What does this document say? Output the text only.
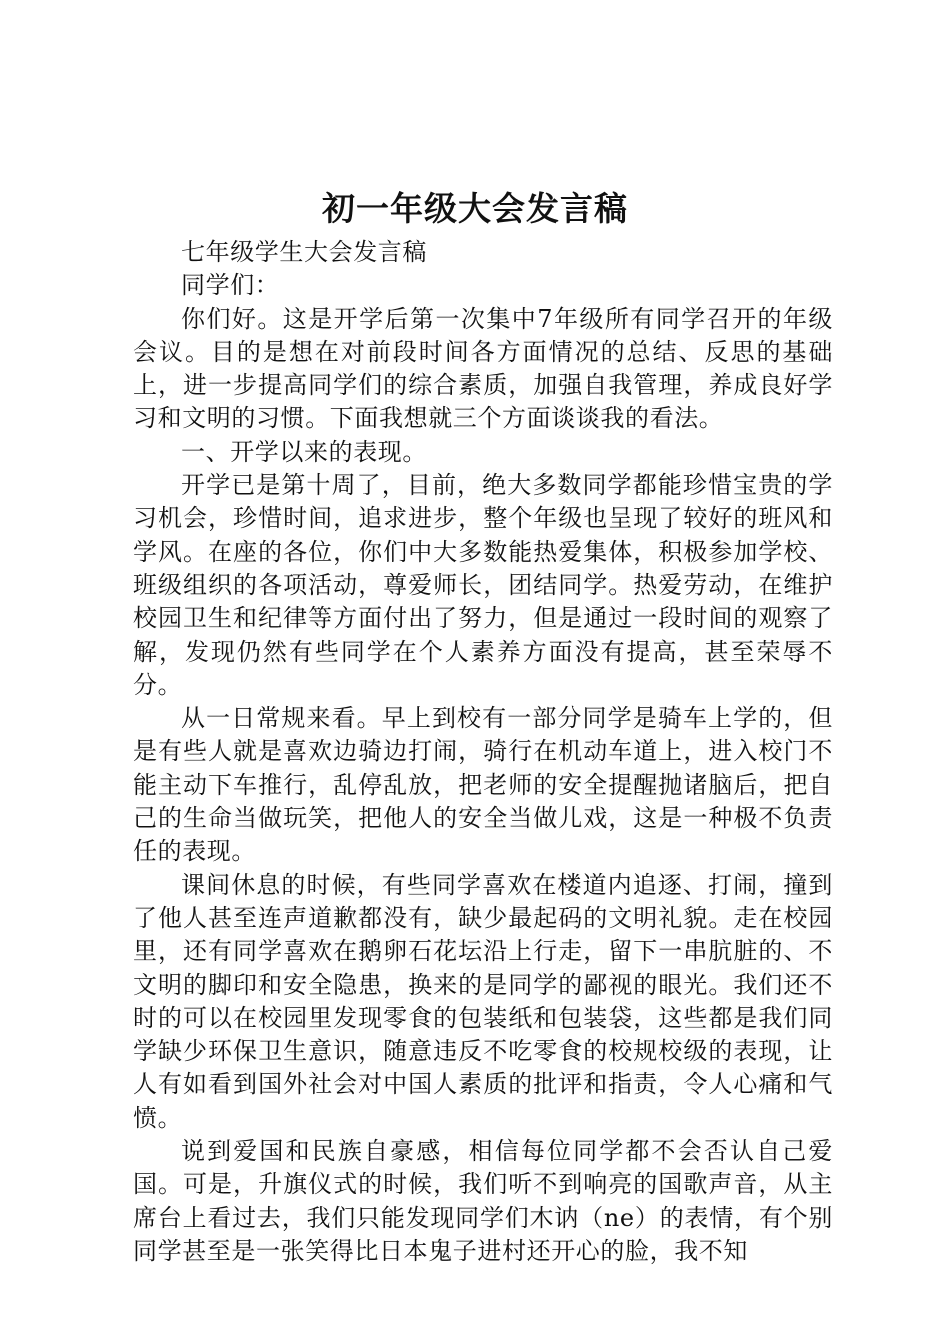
初一年级大会发言稿

七年级学生大会发言稿

同学们：

你们好。这是开学后第一次集中7年级所有同学召开的年级会议。目的是想在对前段时间各方面情况的总结、反思的基础上，进一步提高同学们的综合素质，加强自我管理，养成良好学习和文明的习惯。下面我想就三个方面谈谈我的看法。

一、开学以来的表现。

开学已是第十周了，目前，绝大多数同学都能珍惜宝贵的学习机会，珍惜时间，追求进步，整个年级也呈现了较好的班风和学风。在座的各位，你们中大多数能热爱集体，积极参加学校、班级组织的各项活动，尊爱师长，团结同学。热爱劳动，在维护校园卫生和纪律等方面付出了努力，但是通过一段时间的观察了解，发现仍然有些同学在个人素养方面没有提高，甚至荣辱不分。

从一日常规来看。早上到校有一部分同学是骑车上学的，但是有些人就是喜欢边骑边打闹，骑行在机动车道上，进入校门不能主动下车推行，乱停乱放，把老师的安全提醒抛诸脑后，把自己的生命当做玩笑，把他人的安全当做儿戏，这是一种极不负责任的表现。

课间休息的时候，有些同学喜欢在楼道内追逐、打闹，撞到了他人甚至连声道歉都没有，缺少最起码的文明礼貌。走在校园里，还有同学喜欢在鹅卵石花坛沿上行走，留下一串肮脏的、不文明的脚印和安全隐患，换来的是同学的鄙视的眼光。我们还不时的可以在校园里发现零食的包装纸和包装袋，这些都是我们同学缺少环保卫生意识，随意违反不吃零食的校规校级的表现，让人有如看到国外社会对中国人素质的批评和指责，令人心痛和气愤。

说到爱国和民族自豪感，相信每位同学都不会否认自己爱国。可是，升旗仪式的时候，我们听不到响亮的国歌声音，从主席台上看过去，我们只能发现同学们木讷（ne）的表情，有个别同学甚至是一张笑得比日本鬼子进村还开心的脸，我不知
